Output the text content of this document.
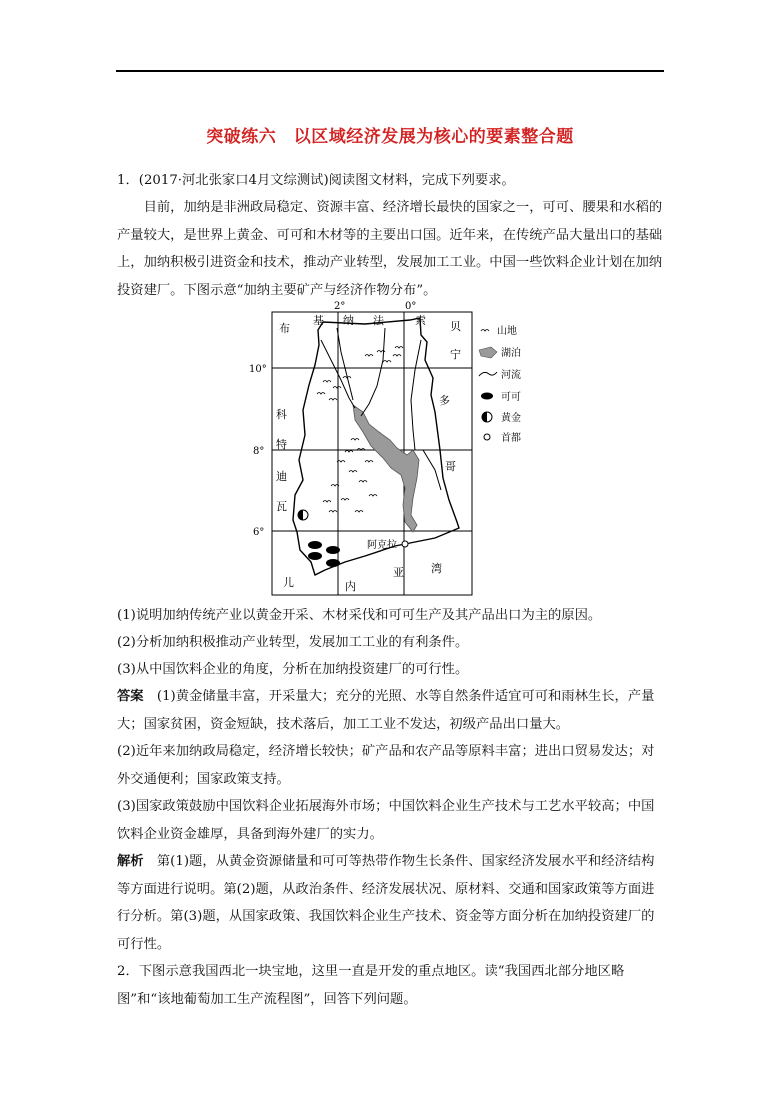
突破练六　以区域经济发展为核心的要素整合题

1．(2017·河北张家口4月文综测试)阅读图文材料，完成下列要求。

目前，加纳是非洲政局稳定、资源丰富、经济增长最快的国家之一，可可、腰果和水稻的产量较大，是世界上黄金、可可和木材等的主要出口国。近年来，在传统产品大量出口的基础上，加纳积极引进资金和技术，推动产业转型，发展加工工业。中国一些饮料企业计划在加纳投资建厂。下图示意“加纳主要矿产与经济作物分布”。

2°	0°
10°
8°
6°
阿克拉
布
基 纳 法	索 贝
宁
多
哥
科
特
迪
瓦
儿	内
亚 湾
山地
湖泊
河流
可可
黄金
首都

(1)说明加纳传统产业以黄金开采、木材采伐和可可生产及其产品出口为主的原因。

(2)分析加纳积极推动产业转型，发展加工工业的有利条件。

(3)从中国饮料企业的角度，分析在加纳投资建厂的可行性。

答案　 (1)黄金储量丰富，开采量大；充分的光照、水等自然条件适宜可可和雨林生长，产量大；国家贫困，资金短缺，技术落后，加工工业不发达，初级产品出口量大。

(2)近年来加纳政局稳定，经济增长较快；矿产品和农产品等原料丰富；进出口贸易发达；对外交通便利；国家政策支持。

(3)国家政策鼓励中国饮料企业拓展海外市场；中国饮料企业生产技术与工艺水平较高；中国饮料企业资金雄厚，具备到海外建厂的实力。

解析　 第(1)题，从黄金资源储量和可可等热带作物生长条件、国家经济发展水平和经济结构等方面进行说明。第(2)题，从政治条件、经济发展状况、原材料、交通和国家政策等方面进行分析。第(3)题，从国家政策、我国饮料企业生产技术、资金等方面分析在加纳投资建厂的可行性。

2．下图示意我国西北一块宝地，这里一直是开发的重点地区。读“我国西北部分地区略图”和“该地葡萄加工生产流程图”，回答下列问题。
